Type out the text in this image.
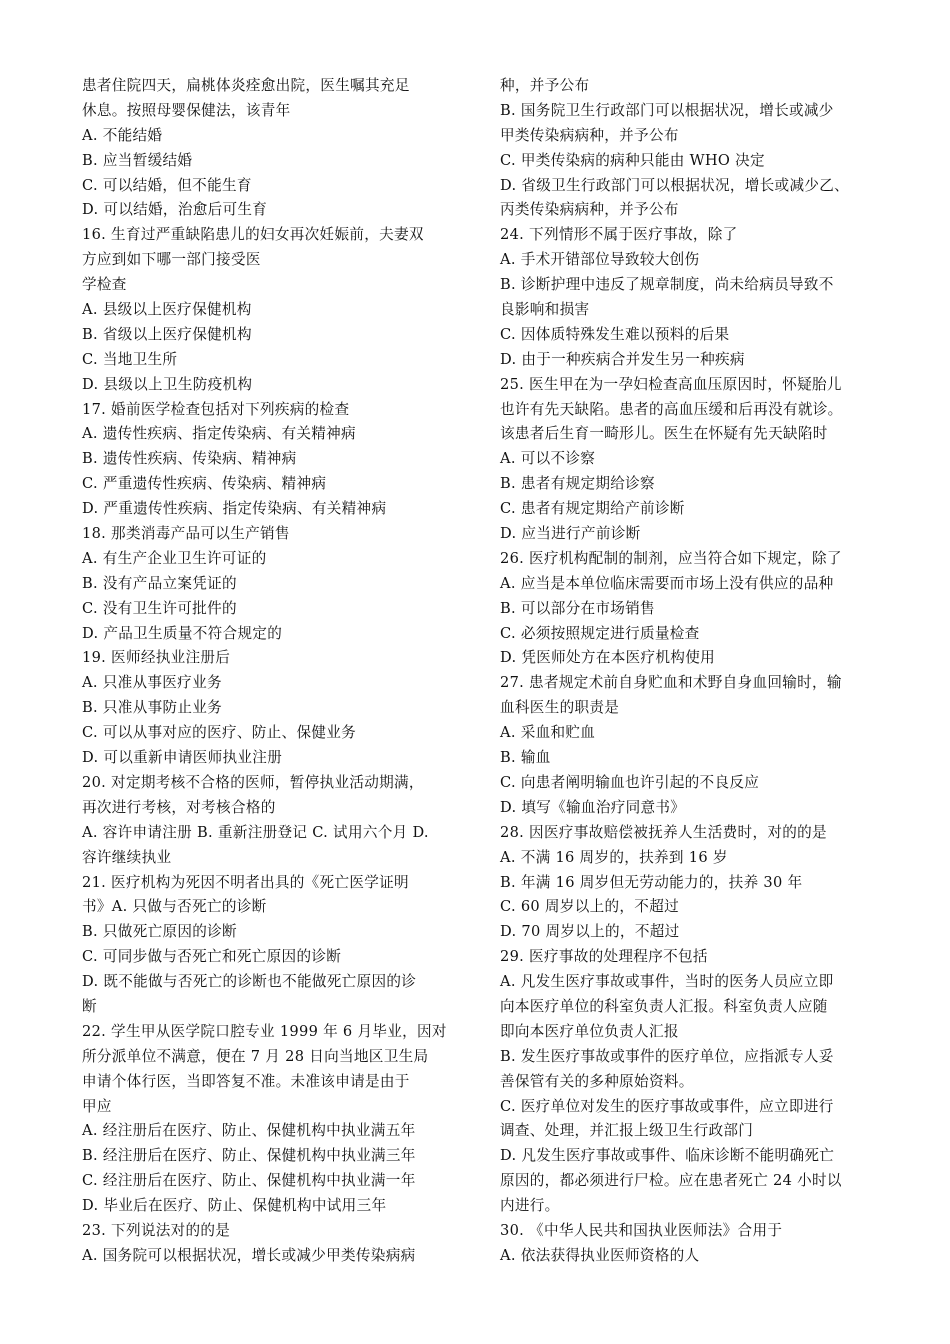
患者住院四天，扁桃体炎痊愈出院，医生嘱其充足
休息。按照母婴保健法，该青年
A. 不能结婚
B. 应当暂缓结婚
C. 可以结婚，但不能生育
D. 可以结婚，治愈后可生育
16. 生育过严重缺陷患儿的妇女再次妊娠前，夫妻双
方应到如下哪一部门接受医
学检查
A. 县级以上医疗保健机构
B. 省级以上医疗保健机构
C. 当地卫生所
D. 县级以上卫生防疫机构
17. 婚前医学检查包括对下列疾病的检查
A. 遗传性疾病、指定传染病、有关精神病
B. 遗传性疾病、传染病、精神病
C. 严重遗传性疾病、传染病、精神病
D. 严重遗传性疾病、指定传染病、有关精神病
18. 那类消毒产品可以生产销售
A. 有生产企业卫生许可证的
B. 没有产品立案凭证的
C. 没有卫生许可批件的
D. 产品卫生质量不符合规定的
19. 医师经执业注册后
A. 只准从事医疗业务
B. 只准从事防止业务
C. 可以从事对应的医疗、防止、保健业务
D. 可以重新申请医师执业注册
20. 对定期考核不合格的医师，暂停执业活动期满，
再次进行考核，对考核合格的
A. 容许申请注册 B. 重新注册登记 C. 试用六个月 D.
容许继续执业
21. 医疗机构为死因不明者出具的《死亡医学证明
书》A. 只做与否死亡的诊断
B. 只做死亡原因的诊断
C. 可同步做与否死亡和死亡原因的诊断
D. 既不能做与否死亡的诊断也不能做死亡原因的诊
断
22. 学生甲从医学院口腔专业 1999 年 6 月毕业，因对
所分派单位不满意，便在 7 月 28 日向当地区卫生局
申请个体行医，当即答复不准。未准该申请是由于
甲应
A. 经注册后在医疗、防止、保健机构中执业满五年
B. 经注册后在医疗、防止、保健机构中执业满三年
C. 经注册后在医疗、防止、保健机构中执业满一年
D. 毕业后在医疗、防止、保健机构中试用三年
23. 下列说法对的的是
A. 国务院可以根据状况，增长或减少甲类传染病病
种，并予公布
B. 国务院卫生行政部门可以根据状况，增长或减少
甲类传染病病种，并予公布
C. 甲类传染病的病种只能由 WHO 决定
D. 省级卫生行政部门可以根据状况，增长或减少乙、
丙类传染病病种，并予公布
24. 下列情形不属于医疗事故，除了
A. 手术开错部位导致较大创伤
B. 诊断护理中违反了规章制度，尚未给病员导致不
良影响和损害
C. 因体质特殊发生难以预料的后果
D. 由于一种疾病合并发生另一种疾病
25. 医生甲在为一孕妇检查高血压原因时，怀疑胎儿
也许有先天缺陷。患者的高血压缓和后再没有就诊。
该患者后生育一畸形儿。医生在怀疑有先天缺陷时
A. 可以不诊察
B. 患者有规定期给诊察
C. 患者有规定期给产前诊断
D. 应当进行产前诊断
26. 医疗机构配制的制剂，应当符合如下规定，除了
A. 应当是本单位临床需要而市场上没有供应的品种
B. 可以部分在市场销售
C. 必须按照规定进行质量检查
D. 凭医师处方在本医疗机构使用
27. 患者规定术前自身贮血和术野自身血回输时，输
血科医生的职责是
A. 采血和贮血
B. 输血
C. 向患者阐明输血也许引起的不良反应
D. 填写《输血治疗同意书》
28. 因医疗事故赔偿被抚养人生活费时，对的的是
A. 不满 16 周岁的，扶养到 16 岁
B. 年满 16 周岁但无劳动能力的，扶养 30 年
C. 60 周岁以上的，不超过
D. 70 周岁以上的，不超过
29. 医疗事故的处理程序不包括
A. 凡发生医疗事故或事件，当时的医务人员应立即
向本医疗单位的科室负责人汇报。科室负责人应随
即向本医疗单位负责人汇报
B. 发生医疗事故或事件的医疗单位，应指派专人妥
善保管有关的多种原始资料。
C. 医疗单位对发生的医疗事故或事件，应立即进行
调查、处理，并汇报上级卫生行政部门
D. 凡发生医疗事故或事件、临床诊断不能明确死亡
原因的，都必须进行尸检。应在患者死亡 24 小时以
内进行。
30. 《中华人民共和国执业医师法》合用于
A. 依法获得执业医师资格的人
